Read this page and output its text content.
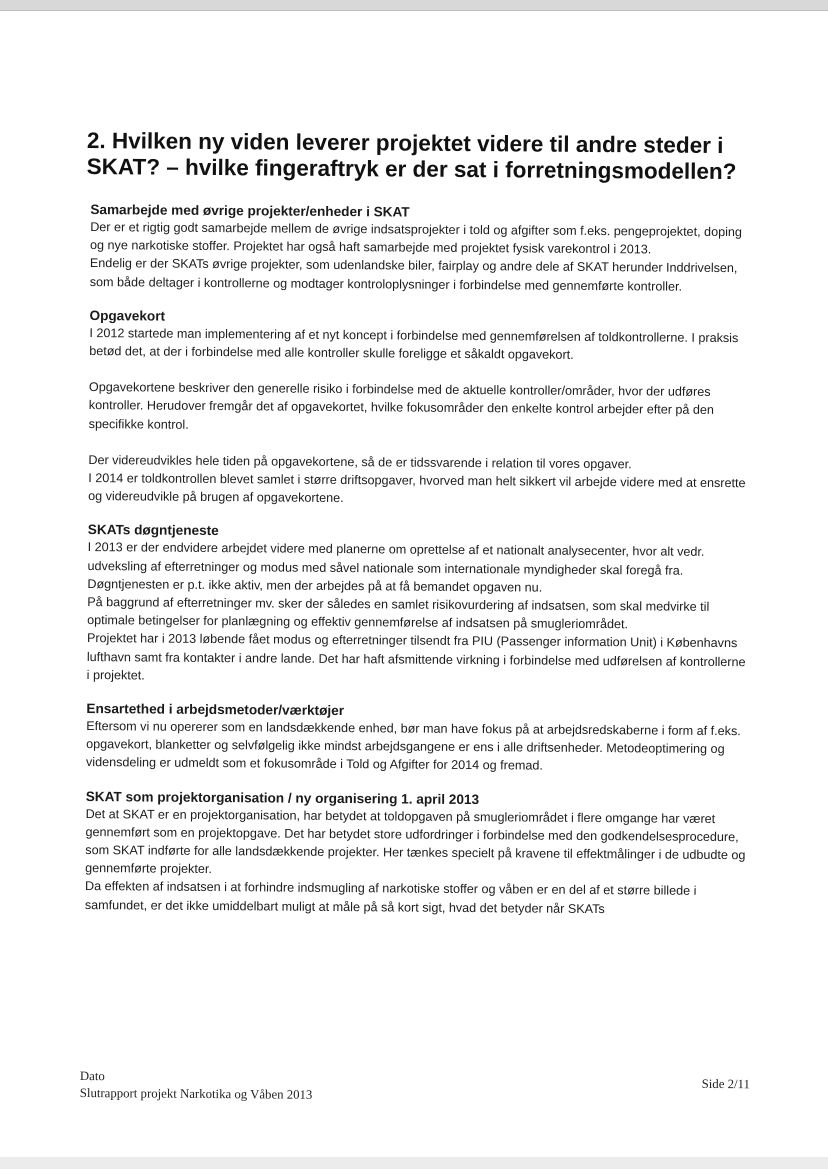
2. Hvilken ny viden leverer projektet videre til andre steder i SKAT? – hvilke fingeraftryk er der sat i forretningsmodellen?
Samarbejde med øvrige projekter/enheder i SKAT

Der er et rigtig godt samarbejde mellem de øvrige indsatsprojekter i told og afgifter som f.eks. pengeprojektet, doping og nye narkotiske stoffer. Projektet har også haft samarbejde med projektet fysisk varekontrol i 2013.

Endelig er der SKATs øvrige projekter, som udenlandske biler, fairplay og andre dele af SKAT herunder Inddrivelsen, som både deltager i kontrollerne og modtager kontroloplysninger i forbindelse med gennemførte kontroller.

Opgavekort

I 2012 startede man implementering af et nyt koncept i forbindelse med gennemførelsen af toldkontrollerne. I praksis betød det, at der i forbindelse med alle kontroller skulle foreligge et såkaldt opgavekort.

Opgavekortene beskriver den generelle risiko i forbindelse med de aktuelle kontroller/områder, hvor der udføres kontroller. Herudover fremgår det af opgavekortet, hvilke fokusområder den enkelte kontrol arbejder efter på den specifikke kontrol.

Der videreudvikles hele tiden på opgavekortene, så de er tidssvarende i relation til vores opgaver.

I 2014 er toldkontrollen blevet samlet i større driftsopgaver, hvorved man helt sikkert vil arbejde videre med at ensrette og videreudvikle på brugen af opgavekortene.

SKATs døgntjeneste

I 2013 er der endvidere arbejdet videre med planerne om oprettelse af et nationalt analysecenter, hvor alt vedr. udveksling af efterretninger og modus med såvel nationale som internationale myndigheder skal foregå fra. Døgntjenesten er p.t. ikke aktiv, men der arbejdes på at få bemandet opgaven nu.

På baggrund af efterretninger mv. sker der således en samlet risikovurdering af indsatsen, som skal medvirke til optimale betingelser for planlægning og effektiv gennemførelse af indsatsen på smugleriområdet.

Projektet har i 2013 løbende fået modus og efterretninger tilsendt fra PIU (Passenger information Unit) i Københavns lufthavn samt fra kontakter i andre lande. Det har haft afsmittende virkning i forbindelse med udførelsen af kontrollerne i projektet.

Ensartethed i arbejdsmetoder/værktøjer

Eftersom vi nu opererer som en landsdækkende enhed, bør man have fokus på at arbejdsredskaberne i form af f.eks. opgavekort, blanketter og selvfølgelig ikke mindst arbejdsgangene er ens i alle driftsenheder. Metodeoptimering og vidensdeling er udmeldt som et fokusområde i Told og Afgifter for 2014 og fremad.

SKAT som projektorganisation / ny organisering 1. april 2013

Det at SKAT er en projektorganisation, har betydet at toldopgaven på smugleriområdet i flere omgange har været gennemført som en projektopgave. Det har betydet store udfordringer i forbindelse med den godkendelsesprocedure, som SKAT indførte for alle landsdækkende projekter. Her tænkes specielt på kravene til effektmålinger i de udbudte og gennemførte projekter.

Da effekten af indsatsen i at forhindre indsmugling af narkotiske stoffer og våben er en del af et større billede i samfundet, er det ikke umiddelbart muligt at måle på så kort sigt, hvad det betyder når SKATs

Dato
Slutrapport projekt Narkotika og Våben 2013
Side 2/11
